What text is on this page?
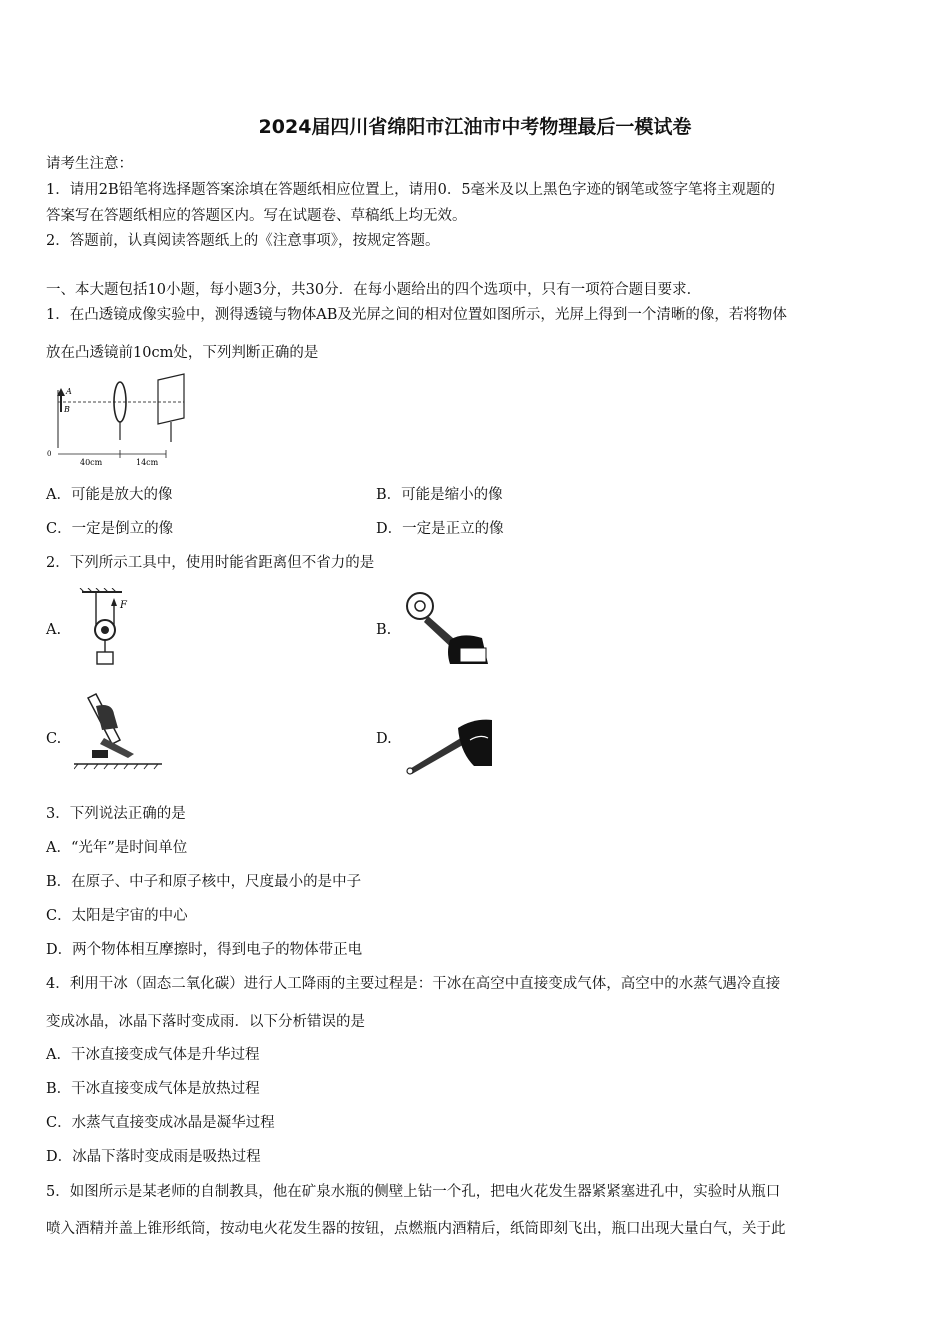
2024届四川省绵阳市江油市中考物理最后一模试卷
请考生注意：
1．请用2B铅笔将选择题答案涂填在答题纸相应位置上，请用0．5毫米及以上黑色字迹的钢笔或签字笔将主观题的
答案写在答题纸相应的答题区内。写在试题卷、草稿纸上均无效。
2．答题前，认真阅读答题纸上的《注意事项》，按规定答题。
一、本大题包括10小题，每小题3分，共30分．在每小题给出的四个选项中，只有一项符合题目要求．
1．在凸透镜成像实验中，测得透镜与物体AB及光屏之间的相对位置如图所示，光屏上得到一个清晰的像，若将物体
放在凸透镜前10cm处，下列判断正确的是
A
B
40cm	14cm
0
A．可能是放大的像	B．可能是缩小的像
C．一定是倒立的像	D．一定是正立的像
2．下列所示工具中，使用时能省距离但不省力的是
A.
F
B.
C.	D.
3．下列说法正确的是
A．“光年”是时间单位
B．在原子、中子和原子核中，尺度最小的是中子
C．太阳是宇宙的中心
D．两个物体相互摩擦时，得到电子的物体带正电
4．利用干冰（固态二氧化碳）进行人工降雨的主要过程是：干冰在高空中直接变成气体，高空中的水蒸气遇冷直接
变成冰晶，冰晶下落时变成雨．以下分析错误的是
A．干冰直接变成气体是升华过程
B．干冰直接变成气体是放热过程
C．水蒸气直接变成冰晶是凝华过程
D．冰晶下落时变成雨是吸热过程
5．如图所示是某老师的自制教具，他在矿泉水瓶的侧壁上钻一个孔，把电火花发生器紧紧塞进孔中，实验时从瓶口
喷入酒精并盖上锥形纸筒，按动电火花发生器的按钮，点燃瓶内酒精后，纸筒即刻飞出，瓶口出现大量白气，关于此
